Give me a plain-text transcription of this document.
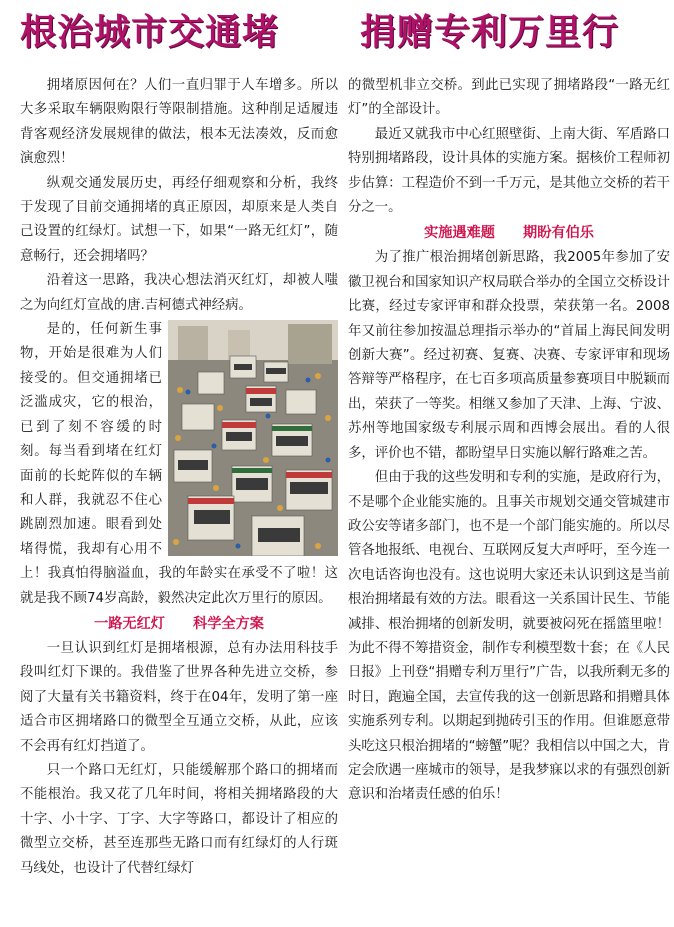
根治城市交通堵 捐赠专利万里行

拥堵原因何在？人们一直归罪于人车增多。所以大多采取车辆限购限行等限制措施。这种削足适履违背客观经济发展规律的做法，根本无法凑效，反而愈演愈烈！

纵观交通发展历史，再经仔细观察和分析，我终于发现了目前交通拥堵的真正原因，却原来是人类自己设置的红绿灯。试想一下，如果“一路无红灯”，随意畅行，还会拥堵吗？

沿着这一思路，我决心想法消灭红灯，却被人嗤之为向红灯宣战的唐.吉柯德式神经病。

是的，任何新生事物，开始是很难为人们接受的。但交通拥堵已泛滥成灾，它的根治，已到了刻不容缓的时刻。每当看到堵在红灯面前的长蛇阵似的车辆和人群，我就忍不住心跳剧烈加速。眼看到处堵得慌，我却有心用不上！我真怕得脑溢血，我的年龄实在承受不了啦！这就是我不顾74岁高龄，毅然决定此次万里行的原因。

一路无红灯 科学全方案

一旦认识到红灯是拥堵根源，总有办法用科技手段叫红灯下课的。我借鉴了世界各种先进立交桥，参阅了大量有关书籍资料，终于在04年，发明了第一座适合市区拥堵路口的微型全互通立交桥，从此，应该不会再有红灯挡道了。

只一个路口无红灯，只能缓解那个路口的拥堵而不能根治。我又花了几年时间，将相关拥堵路段的大十字、小十字、丁字、大字等路口，都设计了相应的微型立交桥，甚至连那些无路口而有红绿灯的人行斑马线处，也设计了代替红绿灯

的微型机非立交桥。到此已实现了拥堵路段“一路无红灯”的全部设计。

最近又就我市中心红照壁街、上南大街、军盾路口特别拥堵路段，设计具体的实施方案。据核价工程师初步估算：工程造价不到一千万元，是其他立交桥的若干分之一。

实施遇难题 期盼有伯乐

为了推广根治拥堵创新思路，我2005年参加了安徽卫视台和国家知识产权局联合举办的全国立交桥设计比赛，经过专家评审和群众投票，荣获第一名。2008年又前往参加按温总理指示举办的“首届上海民间发明创新大赛”。经过初赛、复赛、决赛、专家评审和现场答辩等严格程序，在七百多项高质量参赛项目中脱颖而出，荣获了一等奖。相继又参加了天津、上海、宁波、苏州等地国家级专利展示周和西博会展出。看的人很多，评价也不错，都盼望早日实施以解行路难之苦。

但由于我的这些发明和专利的实施，是政府行为，不是哪个企业能实施的。且事关市规划交通交管城建市政公安等诸多部门，也不是一个部门能实施的。所以尽管各地报纸、电视台、互联网反复大声呼吁，至今连一次电话咨询也没有。这也说明大家还未认识到这是当前根治拥堵最有效的方法。眼看这一关系国计民生、节能减排、根治拥堵的创新发明，就要被闷死在摇篮里啦！为此不得不筹措资金，制作专利模型数十套；在《人民日报》上刊登“捐赠专利万里行”广告，以我所剩无多的时日，跑遍全国，去宣传我的这一创新思路和捐赠具体实施系列专利。以期起到抛砖引玉的作用。但谁愿意带头吃这只根治拥堵的“螃蟹”呢？我相信以中国之大，肯定会欣遇一座城市的领导，是我梦寐以求的有强烈创新意识和治堵责任感的伯乐！
